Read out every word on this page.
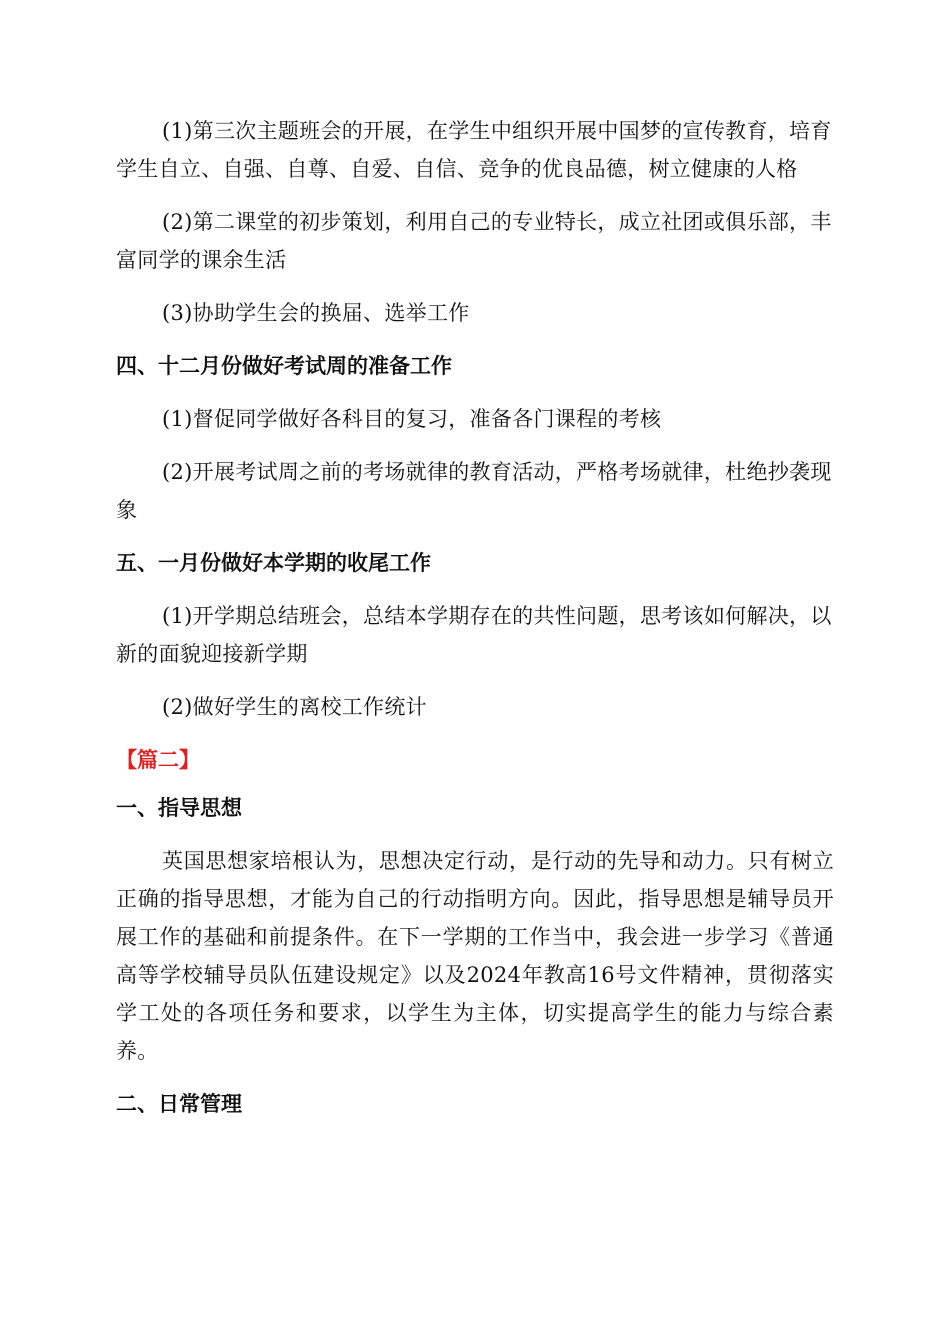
(1)第三次主题班会的开展，在学生中组织开展中国梦的宣传教育，培育学生自立、自强、自尊、自爱、自信、竞争的优良品德，树立健康的人格

(2)第二课堂的初步策划，利用自己的专业特长，成立社团或俱乐部，丰富同学的课余生活

(3)协助学生会的换届、选举工作

四、十二月份做好考试周的准备工作

(1)督促同学做好各科目的复习，准备各门课程的考核

(2)开展考试周之前的考场就律的教育活动，严格考场就律，杜绝抄袭现象

五、一月份做好本学期的收尾工作

(1)开学期总结班会，总结本学期存在的共性问题，思考该如何解决，以新的面貌迎接新学期

(2)做好学生的离校工作统计

【篇二】

一、指导思想

英国思想家培根认为，思想决定行动，是行动的先导和动力。只有树立正确的指导思想，才能为自己的行动指明方向。因此，指导思想是辅导员开展工作的基础和前提条件。在下一学期的工作当中，我会进一步学习《普通高等学校辅导员队伍建设规定》以及2024年教高16号文件精神，贯彻落实学工处的各项任务和要求，以学生为主体，切实提高学生的能力与综合素养。

二、日常管理
